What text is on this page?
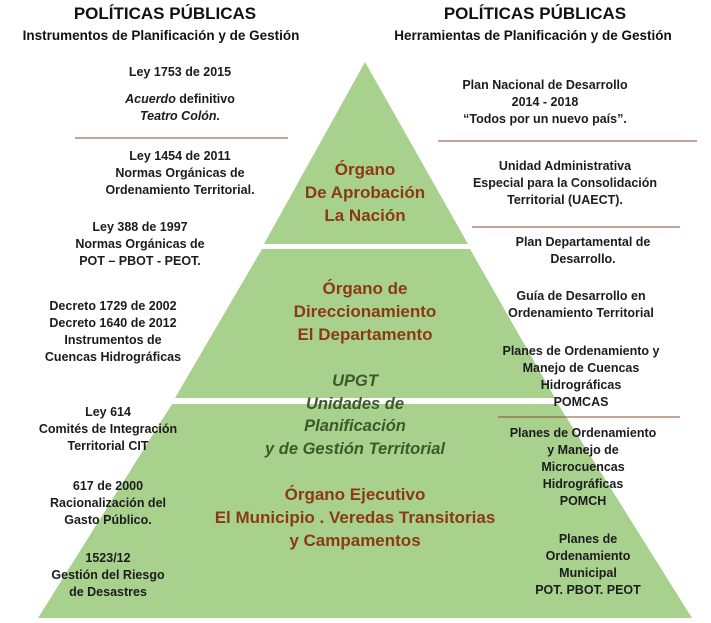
POLÍTICAS PÚBLICAS
Instrumentos de Planificación y de Gestión
POLÍTICAS PÚBLICAS
Herramientas de Planificación y de Gestión
Ley 1753 de 2015
Acuerdo definitivo
Teatro Colón.
Ley 1454 de 2011
Normas Orgánicas de
Ordenamiento Territorial.
Ley 388 de 1997
Normas Orgánicas de
POT – PBOT - PEOT.
Decreto 1729 de 2002
Decreto 1640 de 2012
Instrumentos de
Cuencas Hidrográficas
Ley 614
Comités de Integración
Territorial CIT
617 de 2000
Racionalización del
Gasto Público.
1523/12
Gestión del Riesgo
de Desastres
Plan Nacional de Desarrollo
2014 - 2018
“Todos por un nuevo país”.
Unidad Administrativa
Especial para la Consolidación
Territorial (UAECT).
Plan Departamental de
Desarrollo.
Guía de Desarrollo en
Ordenamiento Territorial
Planes de Ordenamiento y
Manejo de Cuencas
Hidrográficas
POMCAS
Planes de Ordenamiento
y Manejo de
Microcuencas
Hidrográficas
POMCH
Planes de
Ordenamiento
Municipal
POT. PBOT. PEOT
Órgano
De Aprobación
La Nación
Órgano de
Direccionamiento
El Departamento
UPGT
Unidades de
Planificación
y de Gestión Territorial
Órgano Ejecutivo
El Municipio . Veredas Transitorias
y Campamentos
